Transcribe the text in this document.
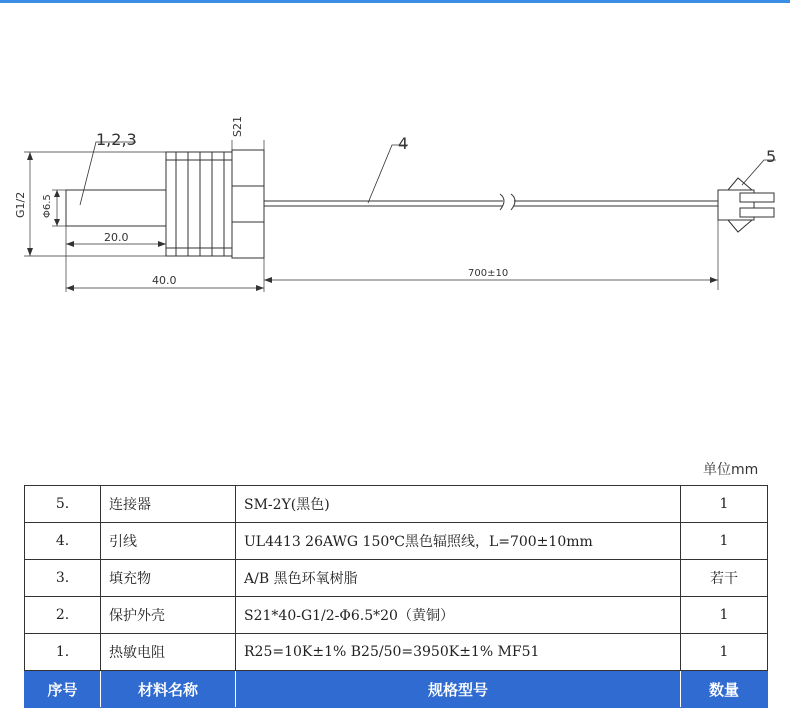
1,2,3	4
5
S21
G1/2 Φ6.5
20.0
40.0
700±10
单位mm
5.	连接器	SM-2Y(黑色)	1
4.	引线	UL4413 26AWG 150℃黑色辐照线，L=700±10mm	1
3.	填充物	A/B 黑色环氧树脂	若干
2.	保护外壳	S21*40-G1/2-Φ6.5*20（黄铜）	1
1.	热敏电阻	R25=10K±1% B25/50=3950K±1% MF51	1
序号	材料名称	规格型号	数量
